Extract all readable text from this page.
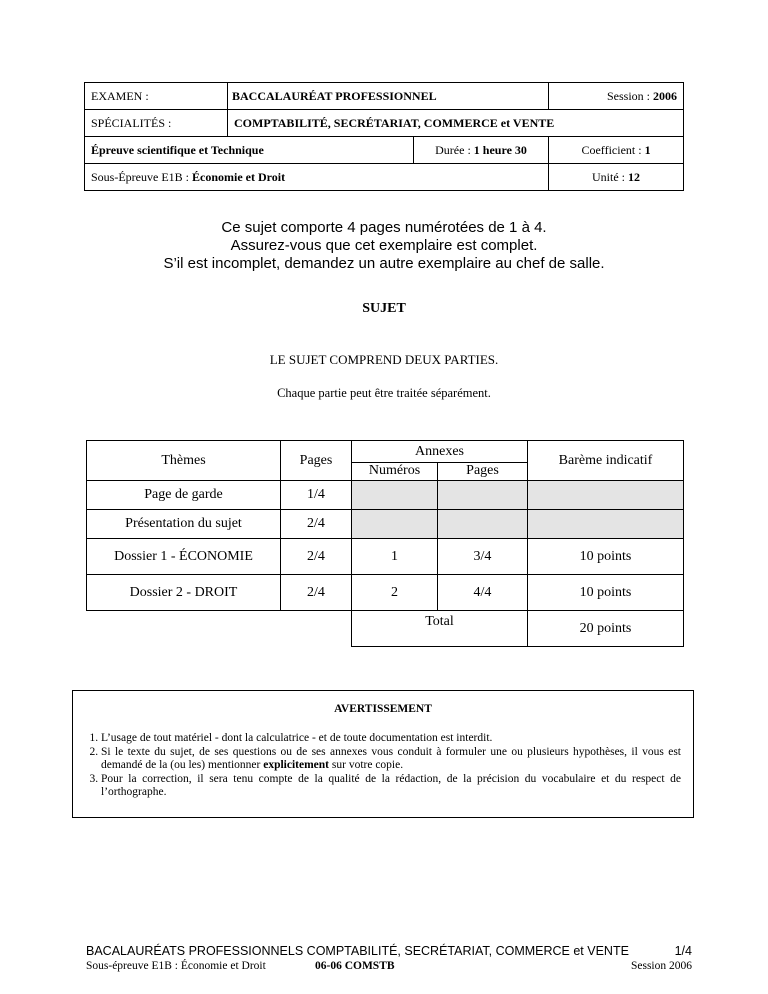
EXAMEN :	BACCALAURÉAT PROFESSIONNEL		Session : 2006
SPÉCIALITÉS :	COMPTABILITÉ, SECRÉTARIAT, COMMERCE et VENTE		
Épreuve scientifique et Technique		Durée : 1 heure 30	Coefficient : 1
Sous-Épreuve E1B : Économie et Droit			Unité : 12
Ce sujet comporte 4 pages numérotées de 1 à 4.
Assurez-vous que cet exemplaire est complet.
S’il est incomplet, demandez un autre exemplaire au chef de salle.
SUJET
LE SUJET COMPREND DEUX PARTIES.
Chaque partie peut être traitée séparément.
Thèmes	Pages	Annexes		Barème indicatif
		Numéros	Pages	
Page de garde	1/4			
Présentation du sujet	2/4			
Dossier 1 - ÉCONOMIE	2/4	1	3/4	10 points
Dossier 2 - DROIT	2/4	2	4/4	10 points
		Total		20 points
AVERTISSEMENT
1. L’usage de tout matériel - dont la calculatrice - et de toute documentation est interdit.
2. Si le texte du sujet, de ses questions ou de ses annexes vous conduit à formuler une ou plusieurs hypothèses, il vous est demandé de la (ou les) mentionner explicitement sur votre copie.
3. Pour la correction, il sera tenu compte de la qualité de la rédaction, de la précision du vocabulaire et du respect de l’orthographe.
BACALAURÉATS PROFESSIONNELS COMPTABILITÉ, SECRÉTARIAT, COMMERCE et VENTE	1/4
Sous-épreuve E1B : Économie et Droit	06-06 COMSTB	Session 2006
